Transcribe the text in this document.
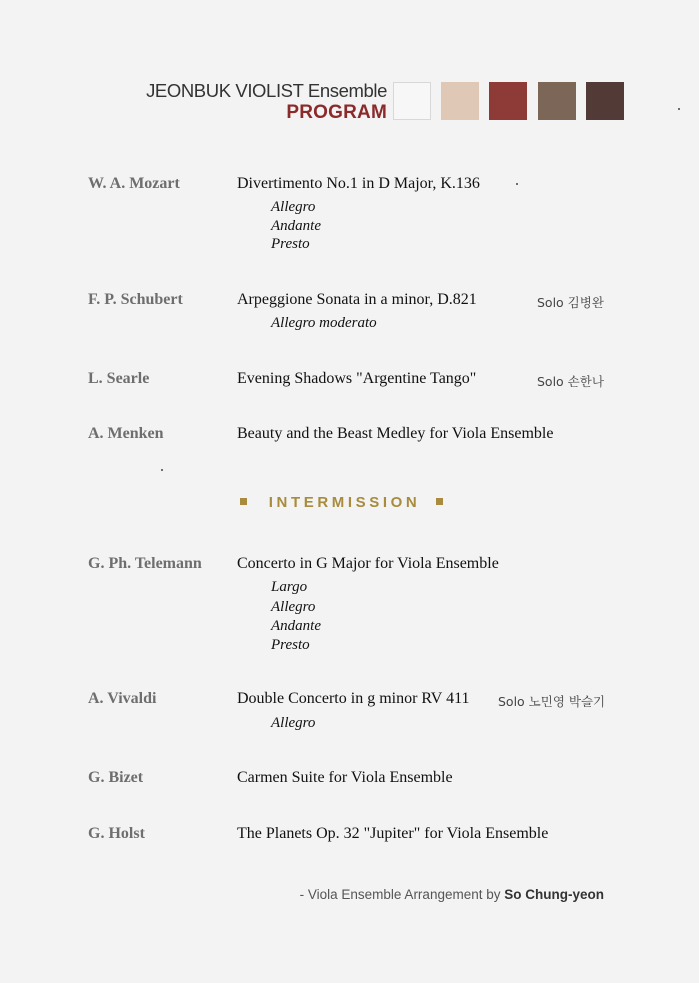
JEONBUK VIOLIST Ensemble
PROGRAM
W. A. Mozart	Divertimento No.1 in D Major, K.136
Allegro
Andante
Presto
F. P. Schubert	Arpeggione Sonata in a minor, D.821	Solo 김병완
Allegro moderato
L. Searle	Evening Shadows "Argentine Tango"	Solo 손한나
A. Menken	Beauty and the Beast Medley for Viola Ensemble
INTERMISSION
G. Ph. Telemann Concerto in G Major for Viola Ensemble
Largo
Allegro
Andante
Presto
A. Vivaldi	Double Concerto in g minor RV 411 Solo 노민영 박슬기
Allegro
G. Bizet	Carmen Suite for Viola Ensemble
G. Holst	The Planets Op. 32 "Jupiter" for Viola Ensemble
- Viola Ensemble Arrangement by So Chung-yeon
